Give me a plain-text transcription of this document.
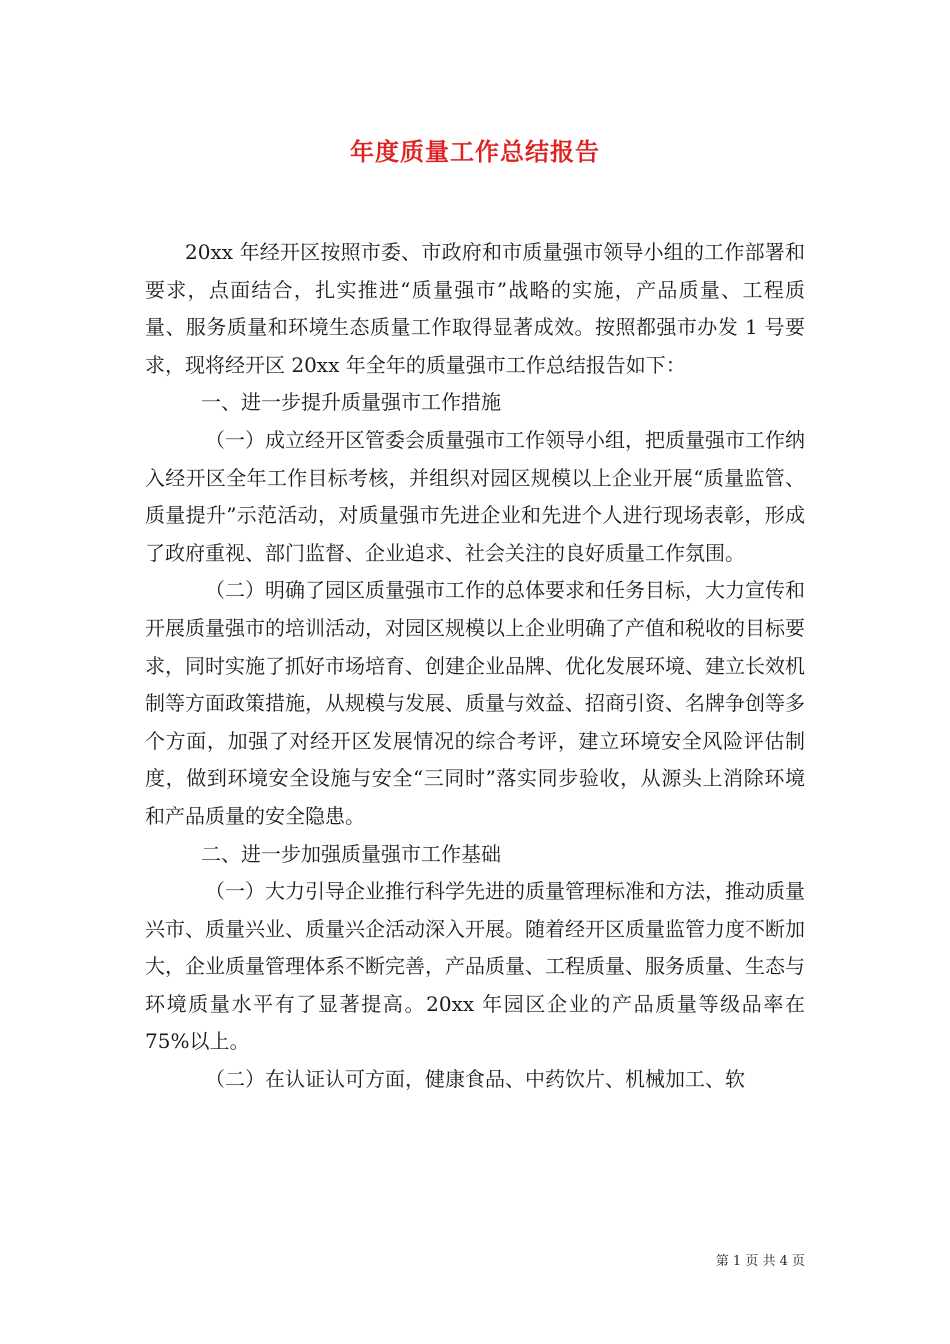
年度质量工作总结报告

20xx 年经开区按照市委、市政府和市质量强市领导小组的工作部署和要求，点面结合，扎实推进“质量强市”战略的实施，产品质量、工程质量、服务质量和环境生态质量工作取得显著成效。按照都强市办发 1 号要求，现将经开区 20xx 年全年的质量强市工作总结报告如下：

一、进一步提升质量强市工作措施

（一）成立经开区管委会质量强市工作领导小组，把质量强市工作纳入经开区全年工作目标考核，并组织对园区规模以上企业开展“质量监管、质量提升”示范活动，对质量强市先进企业和先进个人进行现场表彰，形成了政府重视、部门监督、企业追求、社会关注的良好质量工作氛围。

（二）明确了园区质量强市工作的总体要求和任务目标，大力宣传和开展质量强市的培训活动，对园区规模以上企业明确了产值和税收的目标要求，同时实施了抓好市场培育、创建企业品牌、优化发展环境、建立长效机制等方面政策措施，从规模与发展、质量与效益、招商引资、名牌争创等多个方面，加强了对经开区发展情况的综合考评，建立环境安全风险评估制度，做到环境安全设施与安全“三同时”落实同步验收，从源头上消除环境和产品质量的安全隐患。

二、进一步加强质量强市工作基础

（一）大力引导企业推行科学先进的质量管理标准和方法，推动质量兴市、质量兴业、质量兴企活动深入开展。随着经开区质量监管力度不断加大，企业质量管理体系不断完善，产品质量、工程质量、服务质量、生态与环境质量水平有了显著提高。20xx 年园区企业的产品质量等级品率在 75%以上。

（二）在认证认可方面，健康食品、中药饮片、机械加工、软

第 1 页 共 4 页
